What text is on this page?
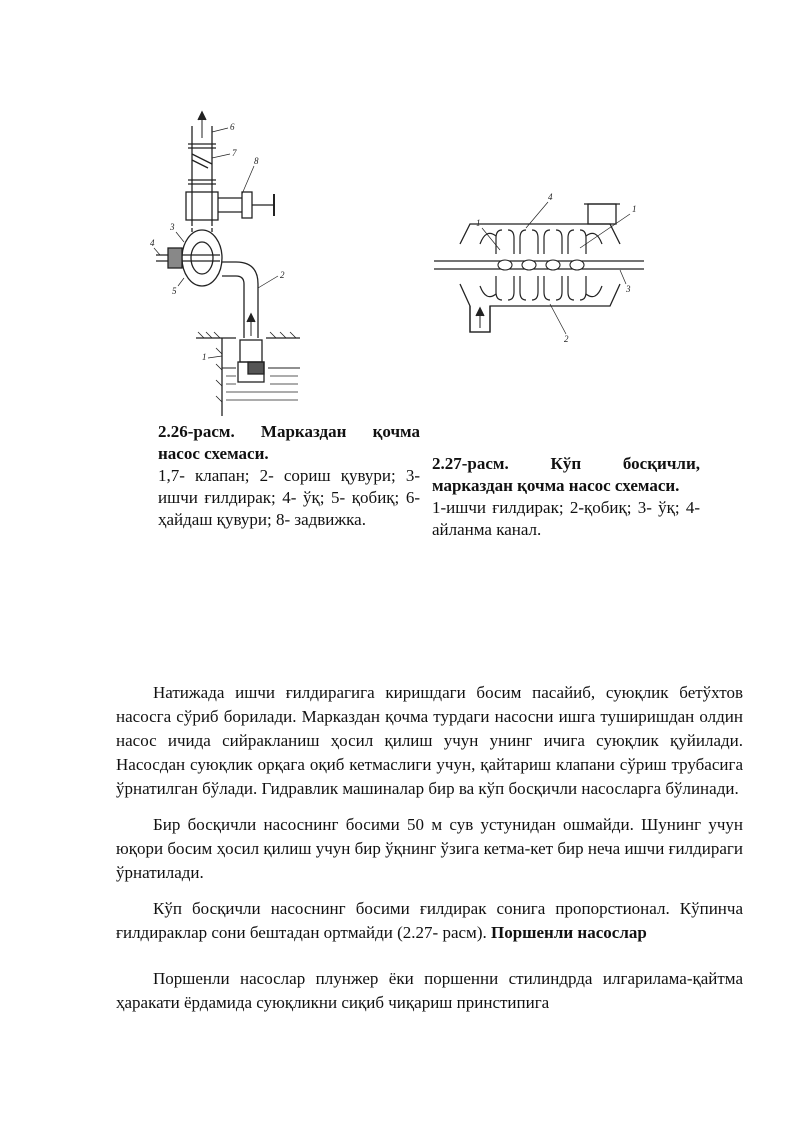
6
7
8
3
4
5
2
1
4
1
1
3
2
2.26-расм. Марказдан қочма насос схемаси.
1,7- клапан; 2- сориш қувури; 3- ишчи ғилдирак; 4- ўқ; 5- қобиқ; 6- ҳайдаш қувури; 8- задвижка.
2.27-расм. Кўп босқичли, марказдан қочма насос схемаси.
1-ишчи ғилдирак; 2-қобиқ; 3- ўқ; 4- айланма канал.

Натижада ишчи ғилдирагига киришдаги босим пасайиб, суюқлик бетўхтов насосга сўриб борилади. Марказдан қочма турдаги насосни ишга туширишдан олдин насос ичида сийракланиш ҳосил қилиш учун унинг ичига суюқлик қуйилади. Насосдан суюқлик орқага оқиб кетмаслиги учун, қайтариш клапани сўриш трубасига ўрнатилган бўлади. Гидравлик машиналар бир ва кўп босқичли насосларга бўлинади.

Бир босқичли насоснинг босими 50 м сув устунидан ошмайди. Шунинг учун юқори босим ҳосил қилиш учун бир ўқнинг ўзига кетма-кет бир неча ишчи ғилдираги ўрнатилади.

Кўп босқичли насоснинг босими ғилдирак сонига пропорстионал. Кўпинча ғилдираклар сони бештадан ортмайди (2.27- расм). Поршенли насослар

Поршенли насослар плунжер ёки поршенни стилиндрда илгарилама-қайтма ҳаракати ёрдамида суюқликни сиқиб чиқариш принстипига
